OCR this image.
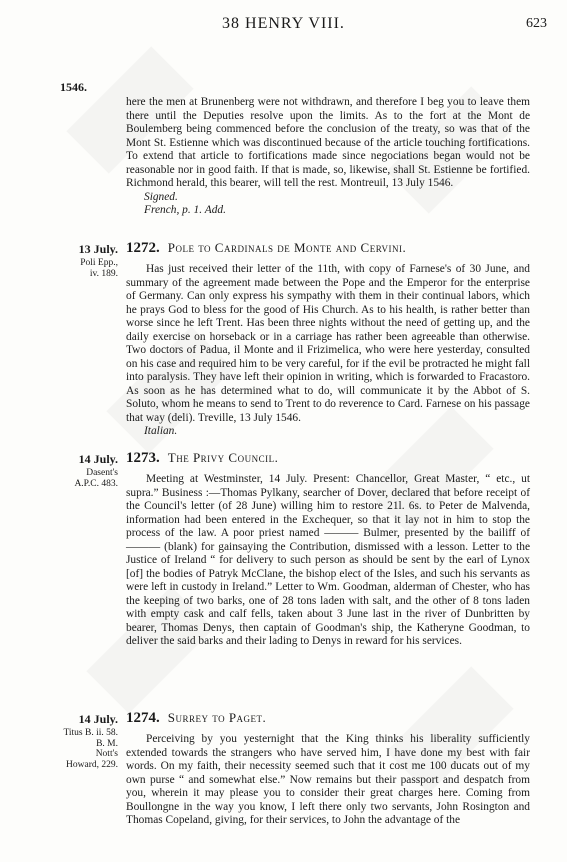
38 HENRY VIII.	623
1546.

here the men at Brunenberg were not withdrawn, and therefore I beg you to leave them there until the Deputies resolve upon the limits. As to the fort at the Mont de Boulemberg being commenced before the conclusion of the treaty, so was that of the Mont St. Estienne which was discontinued because of the article touching fortifications. To extend that article to fortifications made since negociations began would not be reasonable nor in good faith. If that is made, so, likewise, shall St. Estienne be fortified. Richmond herald, this bearer, will tell the rest. Montreuil, 13 July 1546.

Signed.

French, p. 1. Add.

13 July.
Poli Epp.,
iv. 189.
1272. Pole to Cardinals de Monte and Cervini.

Has just received their letter of the 11th, with copy of Farnese's of 30 June, and summary of the agreement made between the Pope and the Emperor for the enterprise of Germany. Can only express his sympathy with them in their continual labors, which he prays God to bless for the good of His Church. As to his health, is rather better than worse since he left Trent. Has been three nights without the need of getting up, and the daily exercise on horseback or in a carriage has rather been agreeable than otherwise. Two doctors of Padua, il Monte and il Frizimelica, who were here yesterday, consulted on his case and required him to be very careful, for if the evil be protracted he might fall into paralysis. They have left their opinion in writing, which is forwarded to Fracastoro. As soon as he has determined what to do, will communicate it by the Abbot of S. Soluto, whom he means to send to Trent to do reverence to Card. Farnese on his passage that way (deli). Treville, 13 July 1546.

Italian.

14 July.
Dasent's
A.P.C. 483.
1273. The Privy Council.

Meeting at Westminster, 14 July. Present: Chancellor, Great Master, “ etc., ut supra.” Business :—Thomas Pylkany, searcher of Dover, declared that before receipt of the Council's letter (of 28 June) willing him to restore 21l. 6s. to Peter de Malvenda, information had been entered in the Exchequer, so that it lay not in him to stop the process of the law. A poor priest named ——— Bulmer, presented by the bailiff of ——— (blank) for gainsaying the Contribution, dismissed with a lesson. Letter to the Justice of Ireland “ for delivery to such person as should be sent by the earl of Lynox [of] the bodies of Patryk McClane, the bishop elect of the Isles, and such his servants as were left in custody in Ireland.” Letter to Wm. Goodman, alderman of Chester, who has the keeping of two barks, one of 28 tons laden with salt, and the other of 8 tons laden with empty cask and calf fells, taken about 3 June last in the river of Dunbritten by bearer, Thomas Denys, then captain of Goodman's ship, the Katheryne Goodman, to deliver the said barks and their lading to Denys in reward for his services.

14 July.
Titus B. ii. 58.
B. M.
Nott's
Howard, 229.
1274. Surrey to Paget.

Perceiving by you yesternight that the King thinks his liberality sufficiently extended towards the strangers who have served him, I have done my best with fair words. On my faith, their necessity seemed such that it cost me 100 ducats out of my own purse “ and somewhat else.” Now remains but their passport and despatch from you, wherein it may please you to consider their great charges here. Coming from Boullongne in the way you know, I left there only two servants, John Rosington and Thomas Copeland, giving, for their services, to John the advantage of the
